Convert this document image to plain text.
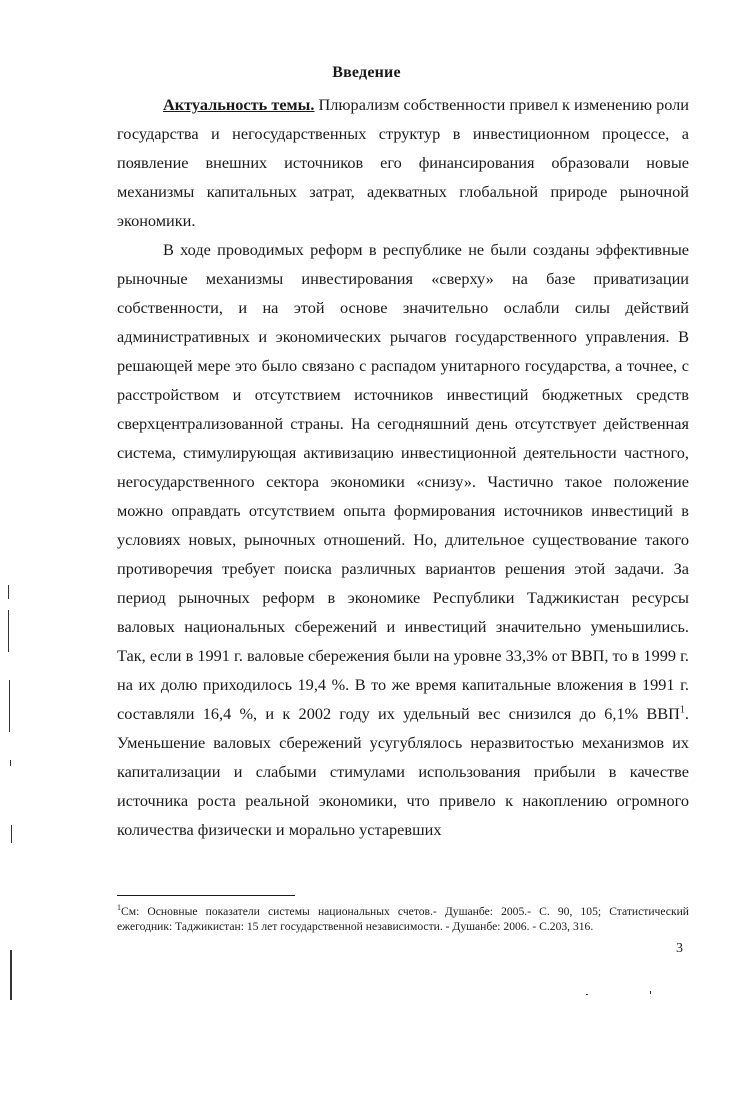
Введение

Актуальность темы. Плюрализм собственности привел к изменению роли государства и негосударственных структур в инвестиционном процессе, а появление внешних источников его финансирования образовали новые механизмы капитальных затрат, адекватных глобальной природе рыночной экономики.

В ходе проводимых реформ в республике не были созданы эффективные рыночные механизмы инвестирования «сверху» на базе приватизации собственности, и на этой основе значительно ослабли силы действий административных и экономических рычагов государственного управления. В решающей мере это было связано с распадом унитарного государства, а точнее, с расстройством и отсутствием источников инвестиций бюджетных средств сверхцентрализованной страны. На сегодняшний день отсутствует действенная система, стимулирующая активизацию инвестиционной деятельности частного, негосударственного сектора экономики «снизу». Частично такое положение можно оправдать отсутствием опыта формирования источников инвестиций в условиях новых, рыночных отношений. Но, длительное существование такого противоречия требует поиска различных вариантов решения этой задачи. За период рыночных реформ в экономике Республики Таджикистан ресурсы валовых национальных сбережений и инвестиций значительно уменьшились. Так, если в 1991 г. валовые сбережения были на уровне 33,3% от ВВП, то в 1999 г. на их долю приходилось 19,4 %. В то же время капитальные вложения в 1991 г. составляли 16,4 %, и к 2002 году их удельный вес снизился до 6,1% ВВП$^1$. Уменьшение валовых сбережений усугублялось неразвитостью механизмов их капитализации и слабыми стимулами использования прибыли в качестве источника роста реальной экономики, что привело к накоплению огромного количества физически и морально устаревших

$^1$См: Основные показатели системы национальных счетов.- Душанбе: 2005.- С. 90, 105; Статистический ежегодник: Таджикистан: 15 лет государственной независимости. - Душанбе: 2006. - С.203, 316.
3
